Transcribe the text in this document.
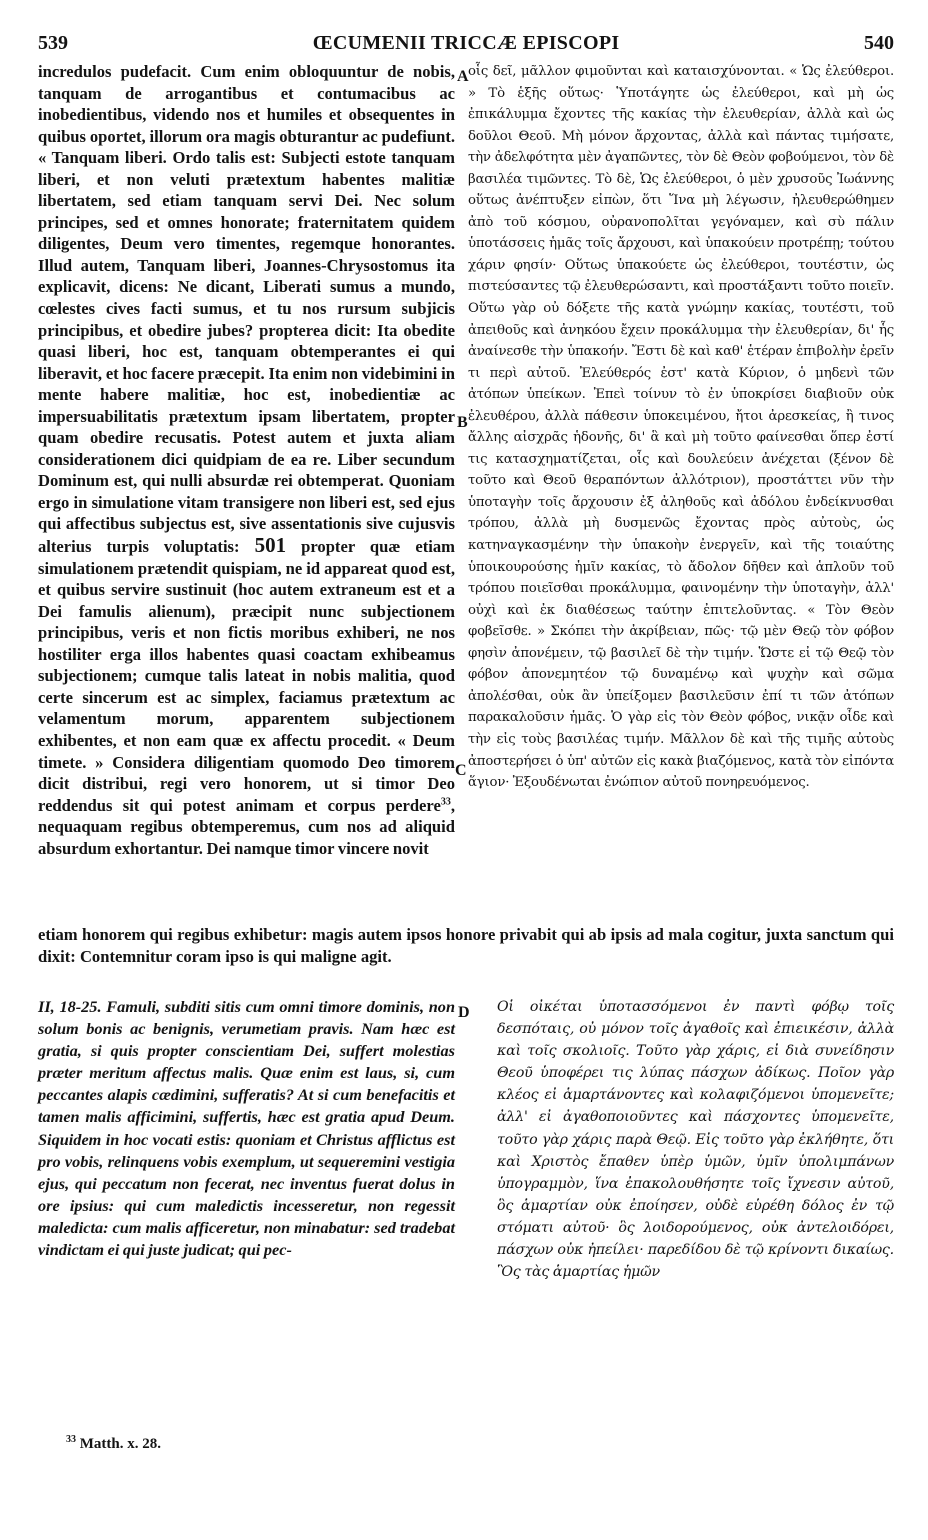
539	ŒCUMENII TRICCÆ EPISCOPI	540
A
B
C
D
incredulos pudefacit. Cum enim obloquuntur de nobis, tanquam de arrogantibus et contumacibus ac inobedientibus, videndo nos et humiles et obsequentes in quibus oportet, illorum ora magis obturantur ac pudefiunt. « Tanquam liberi. Ordo talis est: Subjecti estote tanquam liberi, et non veluti prætextum habentes malitiæ libertatem, sed etiam tanquam servi Dei. Nec solum principes, sed et omnes honorate; fraternitatem quidem diligentes, Deum vero timentes, regemque honorantes. Illud autem, Tanquam liberi, Joannes-Chrysostomus ita explicavit, dicens: Ne dicant, Liberati sumus a mundo, cœlestes cives facti sumus, et tu nos rursum subjicis principibus, et obedire jubes? propterea dicit: Ita obedite quasi liberi, hoc est, tanquam obtemperantes ei qui liberavit, et hoc facere præcepit. Ita enim non videbimini in mente habere malitiæ, hoc est, inobedientiæ ac impersuabilitatis prætextum ipsam libertatem, propter quam obedire recusatis. Potest autem et juxta aliam considerationem dici quidpiam de ea re. Liber secundum Dominum est, qui nulli absurdæ rei obtemperat. Quoniam ergo in simulatione vitam transigere non liberi est, sed ejus qui affectibus subjectus est, sive assentationis sive cujusvis alterius turpis voluptatis: 501 propter quæ etiam simulationem prætendit quispiam, ne id appareat quod est, et quibus servire sustinuit (hoc autem extraneum est et a Dei famulis alienum), præcipit nunc subjectionem principibus, veris et non fictis moribus exhiberi, ne nos hostiliter erga illos habentes quasi coactam exhibeamus subjectionem; cumque talis lateat in nobis malitia, quod certe sincerum est ac simplex, faciamus prætextum ac velamentum morum, apparentem subjectionem exhibentes, et non eam quæ ex affectu procedit. « Deum timete. » Considera diligentiam quomodo Deo timorem dicit distribui, regi vero honorem, ut si timor Deo reddendus sit qui potest animam et corpus perdere$^{33}$, nequaquam regibus obtemperemus, cum nos ad aliquid absurdum exhortantur. Dei namque timor vincere novit
οἷς δεῖ, μᾶλλον φιμοῦνται καὶ καταισχύνονται. « Ὡς ἐλεύθεροι. » Τὸ ἑξῆς οὕτως· Ὑποτάγητε ὡς ἐλεύθεροι, καὶ μὴ ὡς ἐπικάλυμμα ἔχοντες τῆς κακίας τὴν ἐλευθερίαν, ἀλλὰ καὶ ὡς δοῦλοι Θεοῦ. Μὴ μόνον ἄρχοντας, ἀλλὰ καὶ πάντας τιμήσατε, τὴν ἀδελφότητα μὲν ἀγαπῶντες, τὸν δὲ Θεὸν φοβούμενοι, τὸν δὲ βασιλέα τιμῶντες. Τὸ δὲ, Ὡς ἐλεύθεροι, ὁ μὲν χρυσοῦς Ἰωάννης οὕτως ἀνέπτυξεν εἰπὼν, ὅτι Ἵνα μὴ λέγωσιν, ἠλευθερώθημεν ἀπὸ τοῦ κόσμου, οὐρανοπολῖται γεγόναμεν, καὶ σὺ πάλιν ὑποτάσσεις ἡμᾶς τοῖς ἄρχουσι, καὶ ὑπακούειν προτρέπῃ; τούτου χάριν φησίν· Οὕτως ὑπακούετε ὡς ἐλεύθεροι, τουτέστιν, ὡς πιστεύσαντες τῷ ἐλευθερώσαντι, καὶ προστάξαντι τοῦτο ποιεῖν. Οὕτω γὰρ οὐ δόξετε τῆς κατὰ γνώμην κακίας, τουτέστι, τοῦ ἀπειθοῦς καὶ ἀνηκόου ἔχειν προκάλυμμα τὴν ἐλευθερίαν, δι' ἧς ἀναίνεσθε τὴν ὑπακοήν. Ἔστι δὲ καὶ καθ' ἑτέραν ἐπιβολὴν ἐρεῖν τι περὶ αὐτοῦ. Ἐλεύθερός ἐστ' κατὰ Κύριον, ὁ μηδενὶ τῶν ἀτόπων ὑπείκων. Ἐπεὶ τοίνυν τὸ ἐν ὑποκρίσει διαβιοῦν οὐκ ἐλευθέρου, ἀλλὰ πάθεσιν ὑποκειμένου, ἤτοι ἀρεσκείας, ἢ τινος ἄλλης αἰσχρᾶς ἡδονῆς, δι' ἃ καὶ μὴ τοῦτο φαίνεσθαι ὅπερ ἐστί τις κατασχηματίζεται, οἷς καὶ δουλεύειν ἀνέχεται (ξένον δὲ τοῦτο καὶ Θεοῦ θεραπόντων ἀλλότριον), προστάττει νῦν τὴν ὑποταγὴν τοῖς ἄρχουσιν ἐξ ἀληθοῦς καὶ ἀδόλου ἐνδείκνυσθαι τρόπου, ἀλλὰ μὴ δυσμενῶς ἔχοντας πρὸς αὐτοὺς, ὡς κατηναγκασμένην τὴν ὑπακοὴν ἐνεργεῖν, καὶ τῆς τοιαύτης ὑποικουρούσης ἡμῖν κακίας, τὸ ἄδολον δῆθεν καὶ ἁπλοῦν τοῦ τρόπου ποιεῖσθαι προκάλυμμα, φαινομένην τὴν ὑποταγὴν, ἀλλ' οὐχὶ καὶ ἐκ διαθέσεως ταύτην ἐπιτελοῦντας. « Τὸν Θεὸν φοβεῖσθε. » Σκόπει τὴν ἀκρίβειαν, πῶς· τῷ μὲν Θεῷ τὸν φόβον φησὶν ἀπονέμειν, τῷ βασιλεῖ δὲ τὴν τιμήν. Ὥστε εἰ τῷ Θεῷ τὸν φόβον ἀπονεμητέον τῷ δυναμένῳ καὶ ψυχὴν καὶ σῶμα ἀπολέσθαι, οὐκ ἂν ὑπείξομεν βασιλεῦσιν ἐπί τι τῶν ἀτόπων παρακαλοῦσιν ἡμᾶς. Ὁ γὰρ εἰς τὸν Θεὸν φόβος, νικᾷν οἶδε καὶ τὴν εἰς τοὺς βασιλέας τιμήν. Μᾶλλον δὲ καὶ τῆς τιμῆς αὐτοὺς ἀποστερήσει ὁ ὑπ' αὐτῶν εἰς κακὰ βιαζόμενος, κατὰ τὸν εἰπόντα ἅγιον· Ἐξουδένωται ἐνώπιον αὐτοῦ πονηρευόμενος.
etiam honorem qui regibus exhibetur: magis autem ipsos honore privabit qui ab ipsis ad mala cogitur, juxta sanctum qui dixit: Contemnitur coram ipso is qui maligne agit.
II, 18-25. Famuli, subditi sitis cum omni timore dominis, non solum bonis ac benignis, verumetiam pravis. Nam hæc est gratia, si quis propter conscientiam Dei, suffert molestias præter meritum affectus malis. Quæ enim est laus, si, cum peccantes alapis cædimini, sufferatis? At si cum benefacitis et tamen malis afficimini, suffertis, hæc est gratia apud Deum. Siquidem in hoc vocati estis: quoniam et Christus afflictus est pro vobis, relinquens vobis exemplum, ut sequeremini vestigia ejus, qui peccatum non fecerat, nec inventus fuerat dolus in ore ipsius: qui cum maledictis incesseretur, non regessit maledicta: cum malis afficeretur, non minabatur: sed tradebat vindictam ei qui juste judicat; qui pec-
Οἱ οἰκέται ὑποτασσόμενοι ἐν παντὶ φόβῳ τοῖς δεσπόταις, οὐ μόνον τοῖς ἀγαθοῖς καὶ ἐπιεικέσιν, ἀλλὰ καὶ τοῖς σκολιοῖς. Τοῦτο γὰρ χάρις, εἰ διὰ συνείδησιν Θεοῦ ὑποφέρει τις λύπας πάσχων ἀδίκως. Ποῖον γὰρ κλέος εἰ ἁμαρτάνοντες καὶ κολαφιζόμενοι ὑπομενεῖτε; ἀλλ' εἰ ἀγαθοποιοῦντες καὶ πάσχοντες ὑπομενεῖτε, τοῦτο γὰρ χάρις παρὰ Θεῷ. Εἰς τοῦτο γὰρ ἐκλήθητε, ὅτι καὶ Χριστὸς ἔπαθεν ὑπὲρ ὑμῶν, ὑμῖν ὑπολιμπάνων ὑπογραμμὸν, ἵνα ἐπακολουθήσητε τοῖς ἴχνεσιν αὐτοῦ, ὃς ἁμαρτίαν οὐκ ἐποίησεν, οὐδὲ εὑρέθη δόλος ἐν τῷ στόματι αὐτοῦ· ὃς λοιδορούμενος, οὐκ ἀντελοιδόρει, πάσχων οὐκ ἠπείλει· παρεδίδου δὲ τῷ κρίνοντι δικαίως. Ὃς τὰς ἁμαρτίας ἡμῶν
$^{33}$ Matth. x. 28.
